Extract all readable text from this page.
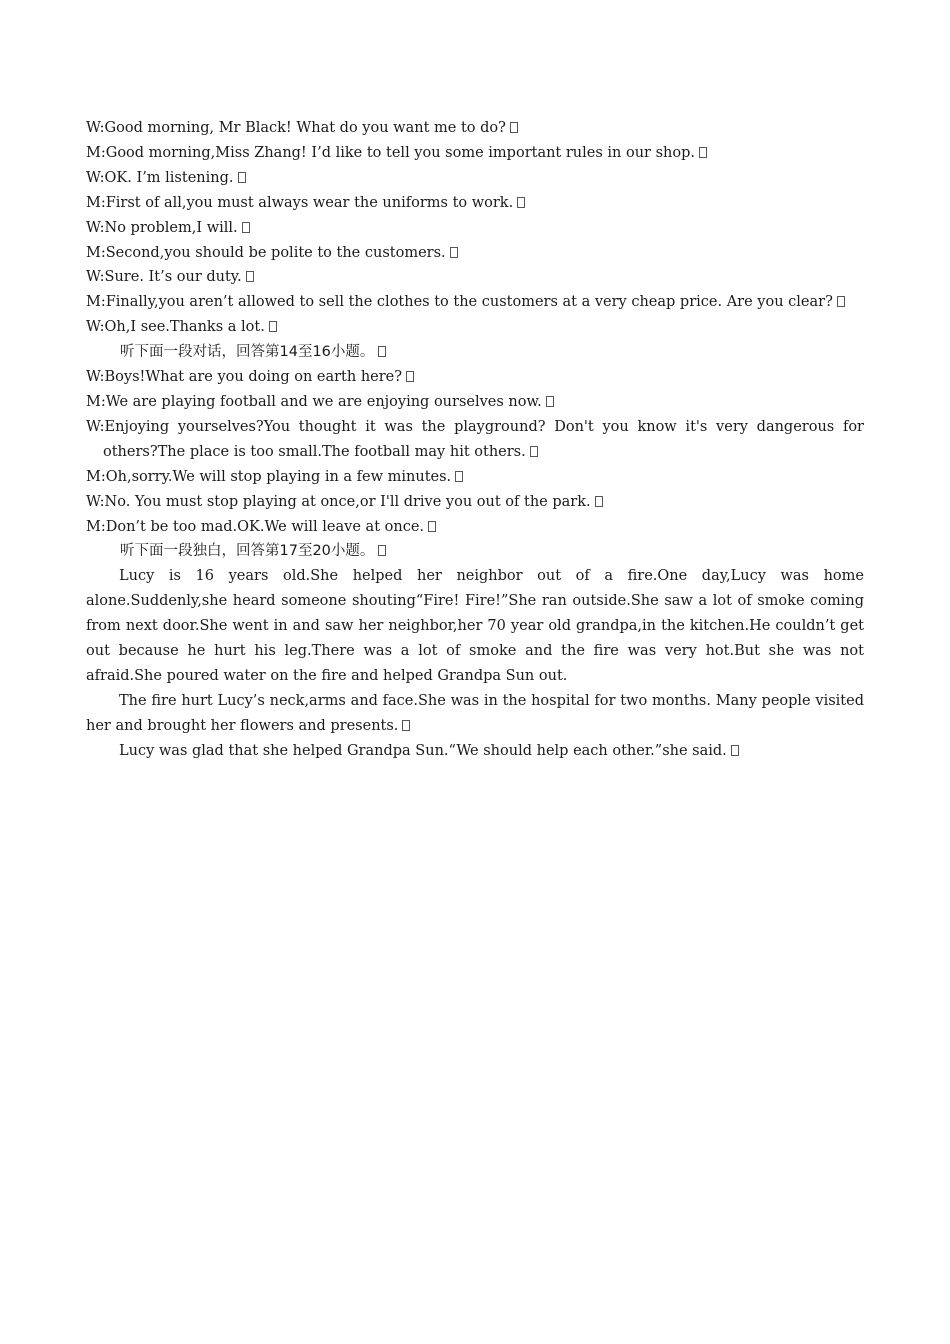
W:Good morning, Mr Black! What do you want me to do?
M:Good morning,Miss Zhang! I’d like to tell you some important rules in our shop.
W:OK. I’m listening.
M:First of all,you must always wear the uniforms to work.
W:No problem,I will.
M:Second,you should be polite to the customers.
W:Sure. It’s our duty.
M:Finally,you aren’t allowed to sell the clothes to the customers at a very cheap price. Are you clear?
W:Oh,I see.Thanks a lot.
听下面一段对话，回答第14至16小题。
W:Boys!What are you doing on earth here?
M:We are playing football and we are enjoying ourselves now.
W:Enjoying yourselves?You thought it was the playground? Don't you know it's very dangerous for others?The place is too small.The football may hit others.
M:Oh,sorry.We will stop playing in a few minutes.
W:No. You must stop playing at once,or I'll drive you out of the park.
M:Don’t be too mad.OK.We will leave at once.
听下面一段独白，回答第17至20小题。
Lucy is 16 years old.She helped her neighbor out of a fire.One day,Lucy was home alone.Suddenly,she heard someone shouting“Fire! Fire!”She ran outside.She saw a lot of smoke coming from next door.She went in and saw her neighbor,her 70 year old grandpa,in the kitchen.He couldn’t get out because he hurt his leg.There was a lot of smoke and the fire was very hot.But she was not afraid.She poured water on the fire and helped Grandpa Sun out.
The fire hurt Lucy’s neck,arms and face.She was in the hospital for two months. Many people visited her and brought her flowers and presents.
Lucy was glad that she helped Grandpa Sun.“We should help each other.”she said.
